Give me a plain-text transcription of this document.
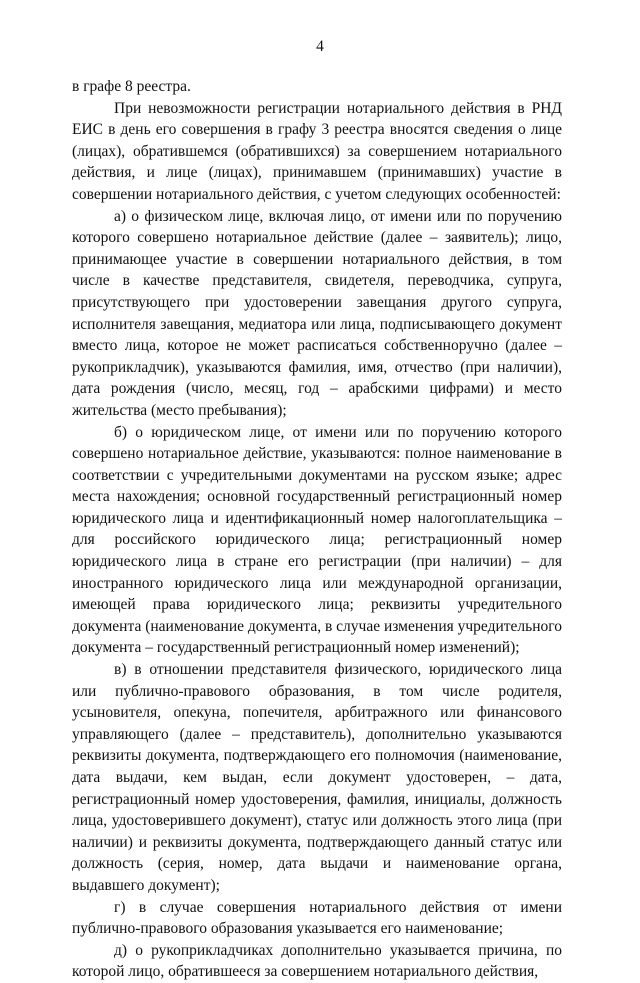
4

в графе 8 реестра.

При невозможности регистрации нотариального действия в РНД ЕИС в день его совершения в графу 3 реестра вносятся сведения о лице (лицах), обратившемся (обратившихся) за совершением нотариального действия, и лице (лицах), принимавшем (принимавших) участие в совершении нотариального действия, с учетом следующих особенностей:

а) о физическом лице, включая лицо, от имени или по поручению которого совершено нотариальное действие (далее – заявитель); лицо, принимающее участие в совершении нотариального действия, в том числе в качестве представителя, свидетеля, переводчика, супруга, присутствующего при удостоверении завещания другого супруга, исполнителя завещания, медиатора или лица, подписывающего документ вместо лица, которое не может расписаться собственноручно (далее – рукоприкладчик), указываются фамилия, имя, отчество (при наличии), дата рождения (число, месяц, год – арабскими цифрами) и место жительства (место пребывания);

б) о юридическом лице, от имени или по поручению которого совершено нотариальное действие, указываются: полное наименование в соответствии с учредительными документами на русском языке; адрес места нахождения; основной государственный регистрационный номер юридического лица и идентификационный номер налогоплательщика – для российского юридического лица; регистрационный номер юридического лица в стране его регистрации (при наличии) – для иностранного юридического лица или международной организации, имеющей права юридического лица; реквизиты учредительного документа (наименование документа, в случае изменения учредительного документа – государственный регистрационный номер изменений);

в) в отношении представителя физического, юридического лица или публично-правового образования, в том числе родителя, усыновителя, опекуна, попечителя, арбитражного или финансового управляющего (далее – представитель), дополнительно указываются реквизиты документа, подтверждающего его полномочия (наименование, дата выдачи, кем выдан, если документ удостоверен, – дата, регистрационный номер удостоверения, фамилия, инициалы, должность лица, удостоверившего документ), статус или должность этого лица (при наличии) и реквизиты документа, подтверждающего данный статус или должность (серия, номер, дата выдачи и наименование органа, выдавшего документ);

г) в случае совершения нотариального действия от имени публично-правового образования указывается его наименование;

д) о рукоприкладчиках дополнительно указывается причина, по которой лицо, обратившееся за совершением нотариального действия,
